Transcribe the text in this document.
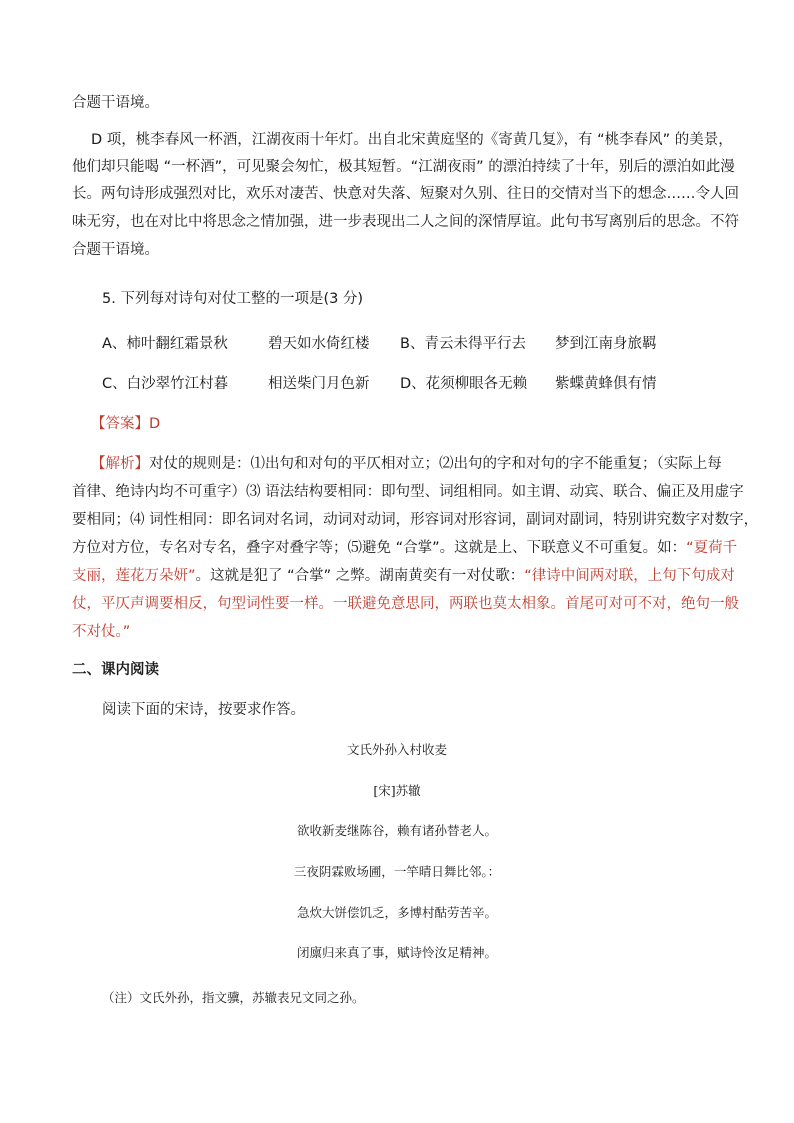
合题干语境。
D 项，桃李春风一杯酒，江湖夜雨十年灯。出自北宋黄庭坚的《寄黄几复》，有 “桃李春风” 的美景，
他们却只能喝 “一杯酒”，可见聚会匆忙，极其短暂。“江湖夜雨” 的漂泊持续了十年，别后的漂泊如此漫
长。两句诗形成强烈对比，欢乐对凄苦、快意对失落、短聚对久别、往日的交情对当下的想念……令人回
味无穷，也在对比中将思念之情加强，进一步表现出二人之间的深情厚谊。此句书写离别后的思念。不符
合题干语境。
5. 下列每对诗句对仗工整的一项是(3 分)
A、柿叶翻红霜景秋	碧天如水倚红楼 B、青云未得平行去 梦到江南身旅羁
C、白沙翠竹江村暮	相送柴门月色新 D、花须柳眼各无赖 紫蝶黄蜂俱有情
【答案】D
【解析】对仗的规则是：⑴出句和对句的平仄相对立；⑵出句的字和对句的字不能重复；（实际上每
首律、绝诗内均不可重字）⑶ 语法结构要相同：即句型、词组相同。如主谓、动宾、联合、偏正及用虚字
要相同；⑷ 词性相同：即名词对名词，动词对动词，形容词对形容词，副词对副词，特别讲究数字对数字，
方位对方位，专名对专名，叠字对叠字等；⑸避免 “合掌”。这就是上、下联意义不可重复。如：“夏荷千
支丽，莲花万朵妍”。这就是犯了 “合掌” 之弊。湖南黄奕有一对仗歌：“律诗中间两对联，上句下句成对
仗，平仄声调要相反，句型词性要一样。一联避免意思同，两联也莫太相象。首尾可对可不对，绝句一般
不对仗。”
二、课内阅读
阅读下面的宋诗，按要求作答。
文氏外孙入村收麦
[宋]苏辙
欲收新麦继陈谷，赖有诸孙替老人。
三夜阴霖败场圃，一竿晴日舞比邻。：
急炊大饼偿饥乏，多博村酤劳苦辛。
闭廪归来真了事，赋诗怜汝足精神。
（注）文氏外孙，指文骥，苏辙表兄文同之孙。
